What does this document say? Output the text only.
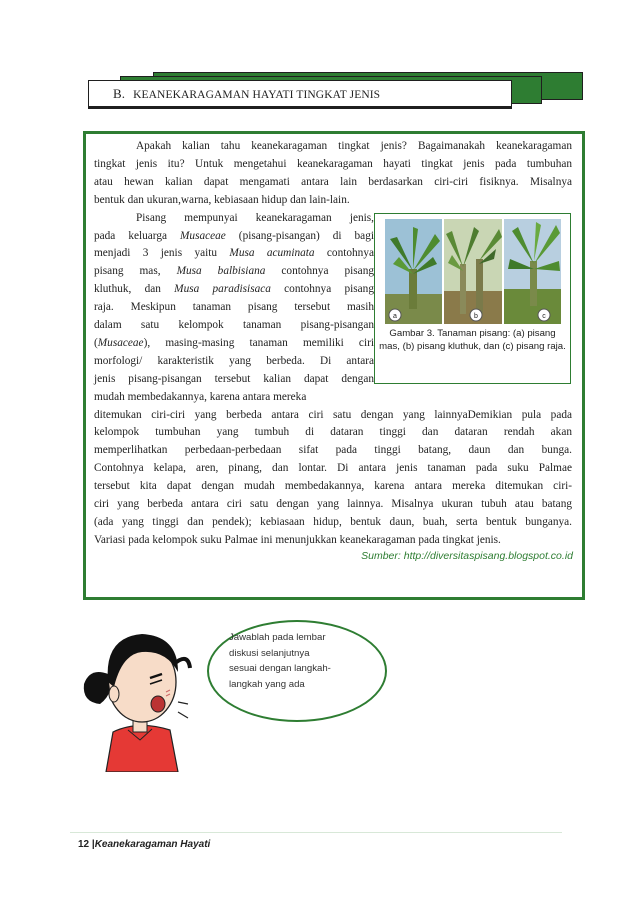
B. KEANEKARAGAMAN HAYATI TINGKAT JENIS
Apakah kalian tahu keanekaragaman tingkat jenis? Bagaimanakah keanekaragaman
tingkat jenis itu? Untuk mengetahui keanekaragaman hayati tingkat jenis pada tumbuhan
atau hewan kalian dapat mengamati antara lain berdasarkan ciri-ciri fisiknya. Misalnya
bentuk dan ukuran,warna, kebiasaan hidup dan lain-lain.
Pisang mempunyai keanekaragaman jenis,
pada keluarga Musaceae (pisang-pisangan) di bagi
menjadi 3 jenis yaitu Musa acuminata contohnya
pisang mas, Musa balbisiana contohnya pisang
kluthuk, dan Musa paradisisaca contohnya pisang
raja. Meskipun tanaman pisang tersebut masih
dalam satu kelompok tanaman pisang-pisangan
(Musaceae), masing-masing tanaman memiliki ciri
morfologi/ karakteristik yang berbeda. Di antara
jenis pisang-pisangan tersebut kalian dapat dengan
mudah membedakannya, karena antara mereka
ditemukan ciri-ciri yang berbeda antara ciri satu dengan yang lainnyaDemikian pula pada
kelompok tumbuhan yang tumbuh di dataran tinggi dan dataran rendah akan
memperlihatkan perbedaan-perbedaan sifat pada tinggi batang, daun dan bunga.
Contohnya kelapa, aren, pinang, dan lontar. Di antara jenis tanaman pada suku Palmae
tersebut kita dapat dengan mudah membedakannya, karena antara mereka ditemukan ciri-
ciri yang berbeda antara ciri satu dengan yang lainnya. Misalnya ukuran tubuh atau batang
(ada yang tinggi dan pendek); kebiasaan hidup, bentuk daun, buah, serta bentuk bunganya.
Variasi pada kelompok suku Palmae ini menunjukkan keanekaragaman pada tingkat jenis.
Sumber: http://diversitaspisang.blogspot.co.id
a	b	c
Gambar 3. Tanaman pisang: (a) pisang mas, (b) pisang kluthuk, dan (c) pisang raja.
Jawablah pada lembar
diskusi selanjutnya
sesuai dengan langkah-
langkah yang ada
12 |Keanekaragaman Hayati
